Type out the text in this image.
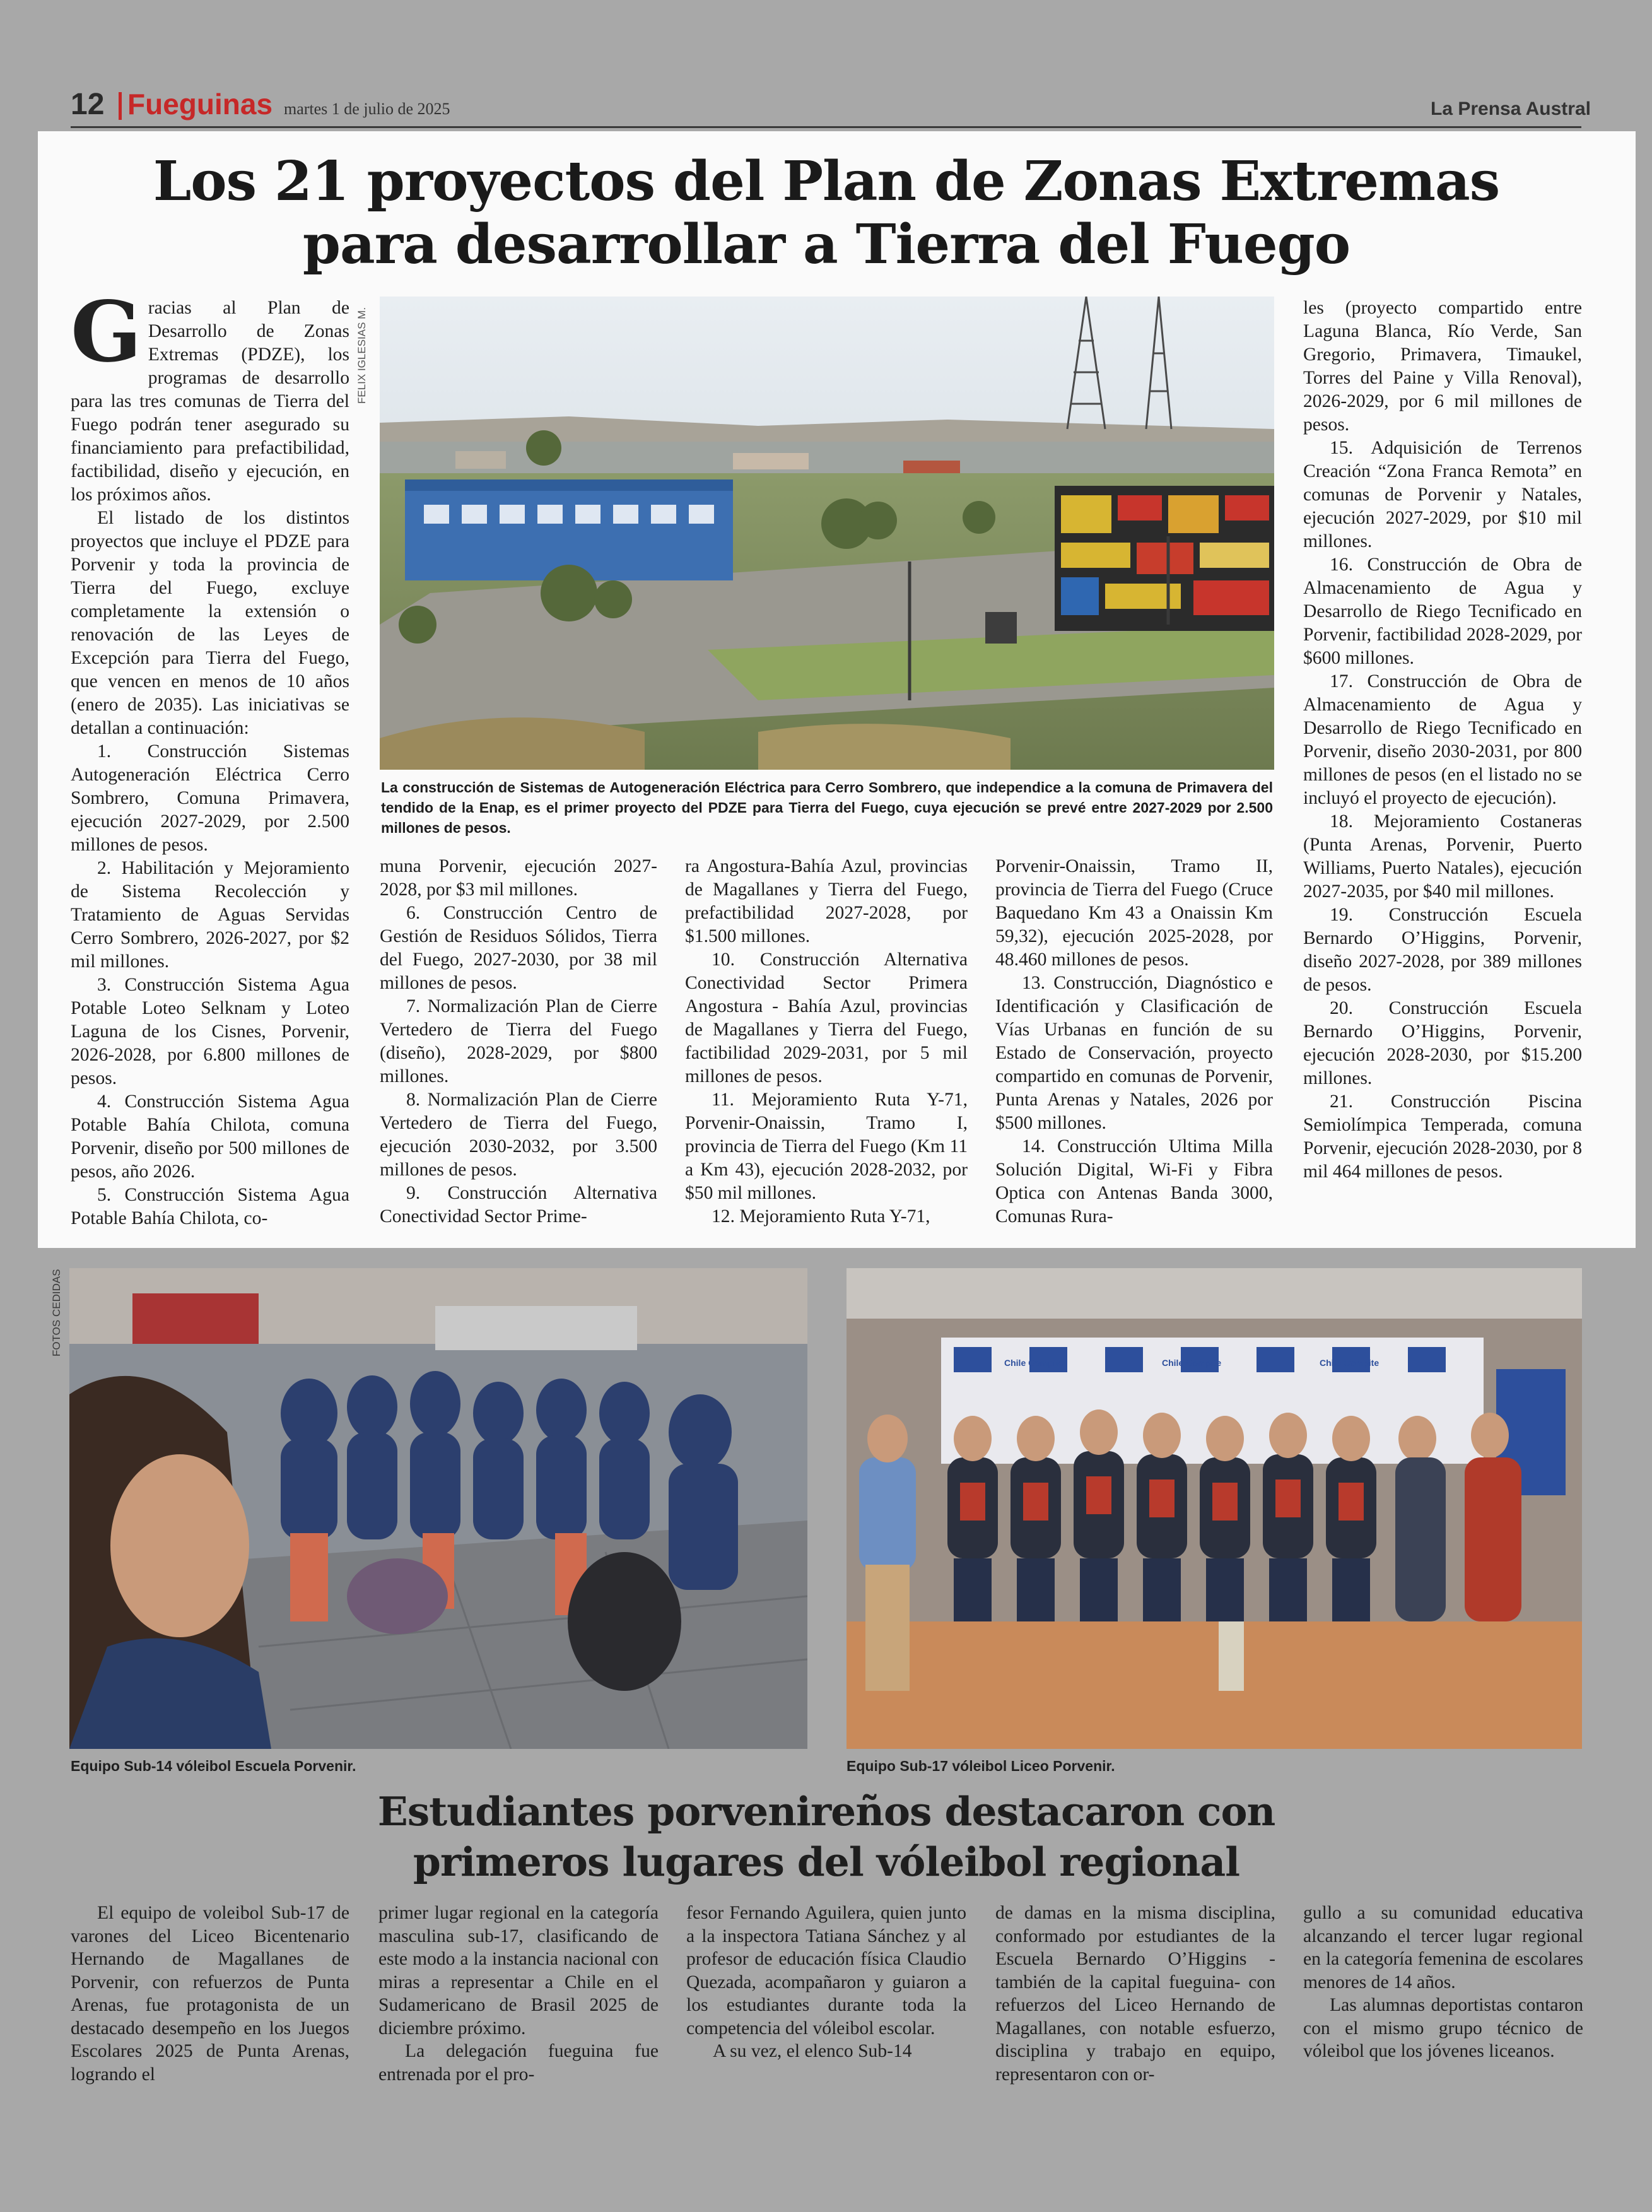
12 Fueguinas martes 1 de julio de 2025	La Prensa Austral
Los 21 proyectos del Plan de Zonas Extremas
para desarrollar a Tierra del Fuego
G racias al Plan de Desarrollo de Zonas Extremas (PDZE), los programas de desarrollo para las tres comunas de Tierra del Fuego podrán tener asegurado su financiamiento para prefactibilidad, factibilidad, diseño y ejecución, en los próximos años.

El listado de los distintos proyectos que incluye el PDZE para Porvenir y toda la provincia de Tierra del Fuego, excluye completamente la extensión o renovación de las Leyes de Excepción para Tierra del Fuego, que vencen en menos de 10 años (enero de 2035). Las iniciativas se detallan a continuación:

1. Construcción Sistemas Autogeneración Eléctrica Cerro Sombrero, Comuna Primavera, ejecución 2027-2029, por 2.500 millones de pesos.

2. Habilitación y Mejoramiento de Sistema Recolección y Tratamiento de Aguas Servidas Cerro Sombrero, 2026-2027, por $2 mil millones.

3. Construcción Sistema Agua Potable Loteo Selknam y Loteo Laguna de los Cisnes, Porvenir, 2026-2028, por 6.800 millones de pesos.

4. Construcción Sistema Agua Potable Bahía Chilota, comuna Porvenir, diseño por 500 millones de pesos, año 2026.

5. Construcción Sistema Agua Potable Bahía Chilota, co-

FELIX IGLESIAS M.
La construcción de Sistemas de Autogeneración Eléctrica para Cerro Sombrero, que independice a la comuna de Primavera del tendido de la Enap, es el primer proyecto del PDZE para Tierra del Fuego, cuya ejecución se prevé entre 2027-2029 por 2.500 millones de pesos.

muna Porvenir, ejecución 2027-2028, por $3 mil millones.

6. Construcción Centro de Gestión de Residuos Sólidos, Tierra del Fuego, 2027-2030, por 38 mil millones de pesos.

7. Normalización Plan de Cierre Vertedero de Tierra del Fuego (diseño), 2028-2029, por $800 millones.

8. Normalización Plan de Cierre Vertedero de Tierra del Fuego, ejecución 2030-2032, por 3.500 millones de pesos.

9. Construcción Alternativa Conectividad Sector Prime-

ra Angostura-Bahía Azul, provincias de Magallanes y Tierra del Fuego, prefactibilidad 2027-2028, por $1.500 millones.

10. Construcción Alternativa Conectividad Sector Primera Angostura - Bahía Azul, provincias de Magallanes y Tierra del Fuego, factibilidad 2029-2031, por 5 mil millones de pesos.

11. Mejoramiento Ruta Y-71, Porvenir-Onaissin, Tramo I, provincia de Tierra del Fuego (Km 11 a Km 43), ejecución 2028-2032, por $50 mil millones.

12. Mejoramiento Ruta Y-71,

Porvenir-Onaissin, Tramo II, provincia de Tierra del Fuego (Cruce Baquedano Km 43 a Onaissin Km 59,32), ejecución 2025-2028, por 48.460 millones de pesos.

13. Construcción, Diagnóstico e Identificación y Clasificación de Vías Urbanas en función de su Estado de Conservación, proyecto compartido en comunas de Porvenir, Punta Arenas y Natales, 2026 por $500 millones.

14. Construcción Ultima Milla Solución Digital, Wi-Fi y Fibra Optica con Antenas Banda 3000, Comunas Rura-

les (proyecto compartido entre Laguna Blanca, Río Verde, San Gregorio, Primavera, Timaukel, Torres del Paine y Villa Renoval), 2026-2029, por 6 mil millones de pesos.

15. Adquisición de Terrenos Creación “Zona Franca Remota” en comunas de Porvenir y Natales, ejecución 2027-2029, por $10 mil millones.

16. Construcción de Obra de Almacenamiento de Agua y Desarrollo de Riego Tecnificado en Porvenir, factibilidad 2028-2029, por $600 millones.

17. Construcción de Obra de Almacenamiento de Agua y Desarrollo de Riego Tecnificado en Porvenir, diseño 2030-2031, por 800 millones de pesos (en el listado no se incluyó el proyecto de ejecución).

18. Mejoramiento Costaneras (Punta Arenas, Porvenir, Puerto Williams, Puerto Natales), ejecución 2027-2035, por $40 mil millones.

19. Construcción Escuela Bernardo O’Higgins, Porvenir, diseño 2027-2028, por 389 millones de pesos.

20. Construcción Escuela Bernardo O’Higgins, Porvenir, ejecución 2028-2030, por $15.200 millones.

21. Construcción Piscina Semiolímpica Temperada, comuna Porvenir, ejecución 2028-2030, por 8 mil 464 millones de pesos.

FOTOS CEDIDAS
Chile Compite	Chile Compite	Chile Compite
Equipo Sub-14 vóleibol Escuela Porvenir.	Equipo Sub-17 vóleibol Liceo Porvenir.
Estudiantes porvenireños destacaron con
primeros lugares del vóleibol regional

El equipo de voleibol Sub-17 de varones del Liceo Bicentenario Hernando de Magallanes de Porvenir, con refuerzos de Punta Arenas, fue protagonista de un destacado desempeño en los Juegos Escolares 2025 de Punta Arenas, logrando el

primer lugar regional en la categoría masculina sub-17, clasificando de este modo a la instancia nacional con miras a representar a Chile en el Sudamericano de Brasil 2025 de diciembre próximo.

La delegación fueguina fue entrenada por el pro-

fesor Fernando Aguilera, quien junto a la inspectora Tatiana Sánchez y al profesor de educación física Claudio Quezada, acompañaron y guiaron a los estudiantes durante toda la competencia del vóleibol escolar.

A su vez, el elenco Sub-14

de damas en la misma disciplina, conformado por estudiantes de la Escuela Bernardo O’Higgins -también de la capital fueguina- con refuerzos del Liceo Hernando de Magallanes, con notable esfuerzo, disciplina y trabajo en equipo, representaron con or-

gullo a su comunidad educativa alcanzando el tercer lugar regional en la categoría femenina de escolares menores de 14 años.

Las alumnas deportistas contaron con el mismo grupo técnico de vóleibol que los jóvenes liceanos.
